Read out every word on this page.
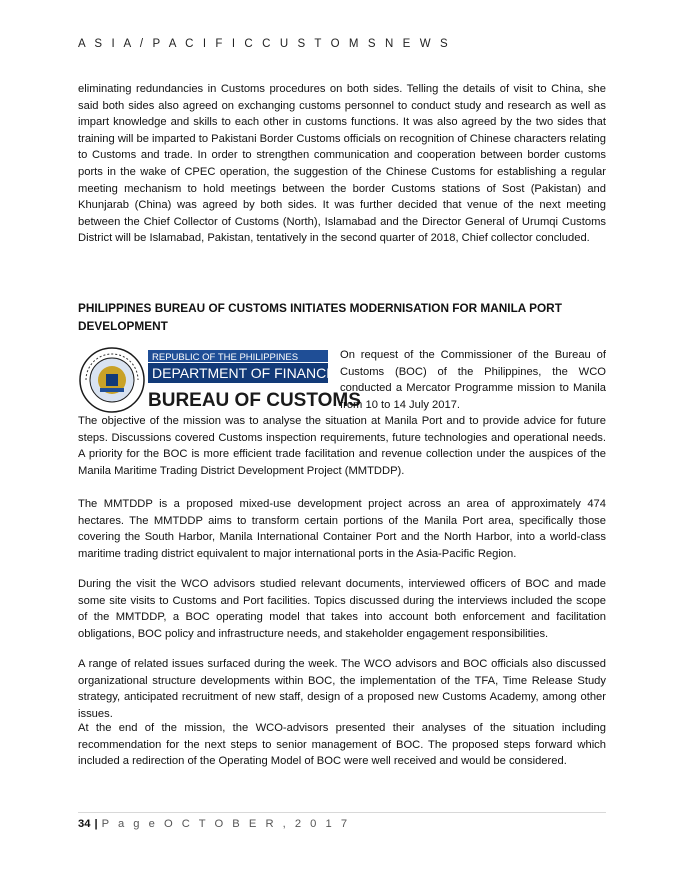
A S I A / P A C I F I C C U S T O M S N E W S

eliminating redundancies in Customs procedures on both sides. Telling the details of visit to China, she said both sides also agreed on exchanging customs personnel to conduct study and research as well as impart knowledge and skills to each other in customs functions. It was also agreed by the two sides that training will be imparted to Pakistani Border Customs officials on recognition of Chinese characters relating to Customs and trade. In order to strengthen communication and cooperation between border customs ports in the wake of CPEC operation, the suggestion of the Chinese Customs for establishing a regular meeting mechanism to hold meetings between the border Customs stations of Sost (Pakistan) and Khunjarab (China) was agreed by both sides. It was further decided that venue of the next meeting between the Chief Collector of Customs (North), Islamabad and the Director General of Urumqi Customs District will be Islamabad, Pakistan, tentatively in the second quarter of 2018, Chief collector concluded.

PHILIPPINES BUREAU OF CUSTOMS INITIATES MODERNISATION FOR MANILA PORT DEVELOPMENT
REPUBLIC OF THE PHILIPPINES
DEPARTMENT OF FINANCE
BUREAU OF CUSTOMS

On request of the Commissioner of the Bureau of Customs (BOC) of the Philippines, the WCO conducted a Mercator Programme mission to Manila from 10 to 14 July 2017.

The objective of the mission was to analyse the situation at Manila Port and to provide advice for future steps. Discussions covered Customs inspection requirements, future technologies and operational needs. A priority for the BOC is more efficient trade facilitation and revenue collection under the auspices of the Manila Maritime Trading District Development Project (MMTDDP).

The MMTDDP is a proposed mixed-use development project across an area of approximately 474 hectares. The MMTDDP aims to transform certain portions of the Manila Port area, specifically those covering the South Harbor, Manila International Container Port and the North Harbor, into a world-class maritime trading district equivalent to major international ports in the Asia-Pacific Region.

During the visit the WCO advisors studied relevant documents, interviewed officers of BOC and made some site visits to Customs and Port facilities. Topics discussed during the interviews included the scope of the MMTDDP, a BOC operating model that takes into account both enforcement and facilitation obligations, BOC policy and infrastructure needs, and stakeholder engagement responsibilities.

A range of related issues surfaced during the week. The WCO advisors and BOC officials also discussed organizational structure developments within BOC, the implementation of the TFA, Time Release Study strategy, anticipated recruitment of new staff, design of a proposed new Customs Academy, among other issues.

At the end of the mission, the WCO-advisors presented their analyses of the situation including recommendation for the next steps to senior management of BOC. The proposed steps forward which included a redirection of the Operating Model of BOC were well received and would be considered.

34 | P a g e O C T O B E R , 2 0 1 7
